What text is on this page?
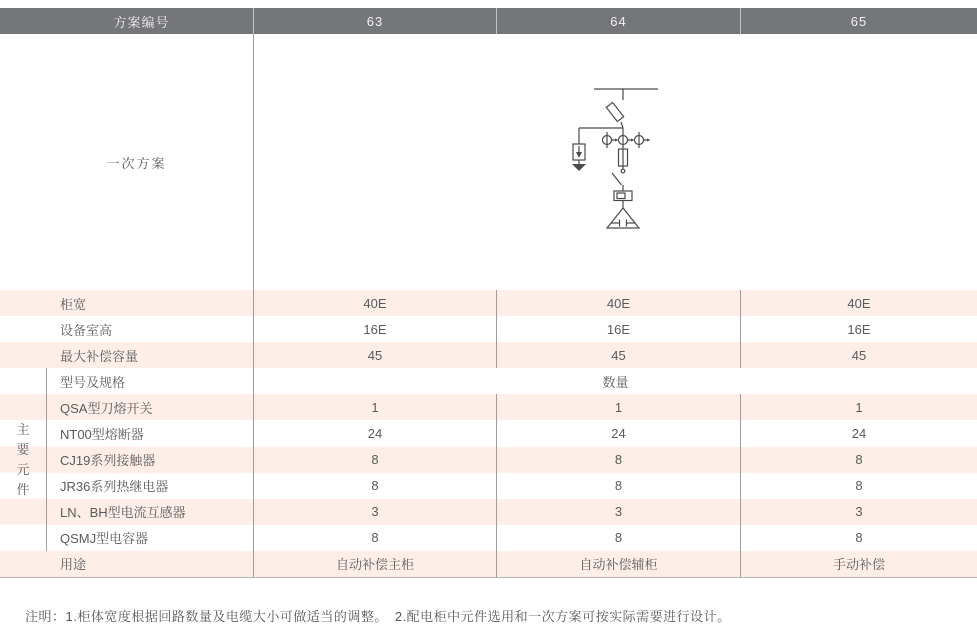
方案编号	63	64	65
一次方案
柜宽	40E	40E	40E
设备室高	16E	16E	16E
最大补偿容量	45	45	45
主
要
元
件
型号及规格	数量
QSA型刀熔开关	1	1	1
NT00型熔断器	24	24	24
CJ19系列接触器	8	8	8
JR36系列热继电器	8	8	8
LN、BH型电流互感器	3	3	3
QSMJ型电容器	8	8	8
用途	自动补偿主柜	自动补偿辅柜	手动补偿
注明：1.柜体宽度根据回路数量及电缆大小可做适当的调整。　2.配电柜中元件选用和一次方案可按实际需要进行设计。
